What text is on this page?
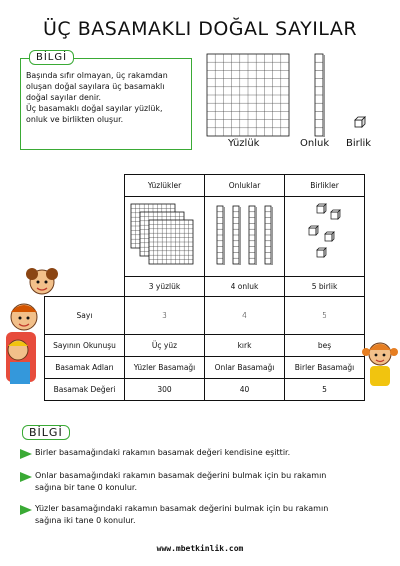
ÜÇ BASAMAKLI DOĞAL SAYILAR
BİLGİ
Başında sıfır olmayan, üç rakamdan
oluşan doğal sayılara üç basamaklı
doğal sayılar denir.
Üç basamaklı doğal sayılar yüzlük,
onluk ve birlikten oluşur.
Yüzlük	Onluk Birlik
	Yüzlükler	Onluklar	Birlikler

	3 yüzlük	4 onluk	5 birlik
Sayı	3	4	5
Sayının Okunuşu	Üç yüz	kırk	beş
Basamak Adları	Yüzler Basamağı	Onlar Basamağı	Birler Basamağı
Basamak Değeri	300	40	5
BİLGİ
Birler basamağındaki rakamın basamak değeri kendisine eşittir.
Onlar basamağındaki rakamın basamak değerini bulmak için bu rakamın
sağına bir tane 0 konulur.
Yüzler basamağındaki rakamın basamak değerini bulmak için bu rakamın
sağına iki tane 0 konulur.
www.mbetkinlik.com
